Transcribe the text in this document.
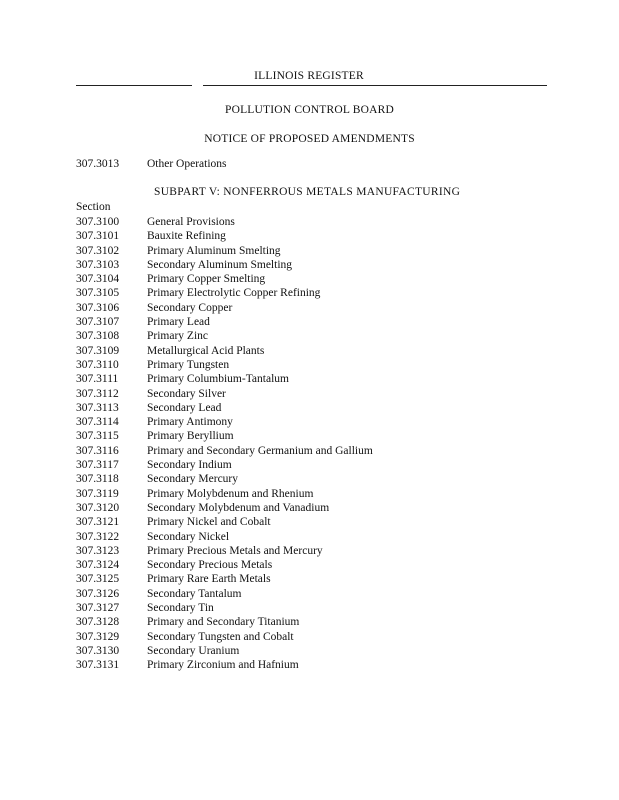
ILLINOIS REGISTER
POLLUTION CONTROL BOARD
NOTICE OF PROPOSED AMENDMENTS
307.3013 Other Operations
SUBPART V: NONFERROUS METALS MANUFACTURING
Section
307.3100 General Provisions
307.3101 Bauxite Refining
307.3102 Primary Aluminum Smelting
307.3103 Secondary Aluminum Smelting
307.3104 Primary Copper Smelting
307.3105 Primary Electrolytic Copper Refining
307.3106 Secondary Copper
307.3107 Primary Lead
307.3108 Primary Zinc
307.3109 Metallurgical Acid Plants
307.3110 Primary Tungsten
307.3111 Primary Columbium-Tantalum
307.3112 Secondary Silver
307.3113 Secondary Lead
307.3114 Primary Antimony
307.3115 Primary Beryllium
307.3116 Primary and Secondary Germanium and Gallium
307.3117 Secondary Indium
307.3118 Secondary Mercury
307.3119 Primary Molybdenum and Rhenium
307.3120 Secondary Molybdenum and Vanadium
307.3121 Primary Nickel and Cobalt
307.3122 Secondary Nickel
307.3123 Primary Precious Metals and Mercury
307.3124 Secondary Precious Metals
307.3125 Primary Rare Earth Metals
307.3126 Secondary Tantalum
307.3127 Secondary Tin
307.3128 Primary and Secondary Titanium
307.3129 Secondary Tungsten and Cobalt
307.3130 Secondary Uranium
307.3131 Primary Zirconium and Hafnium
